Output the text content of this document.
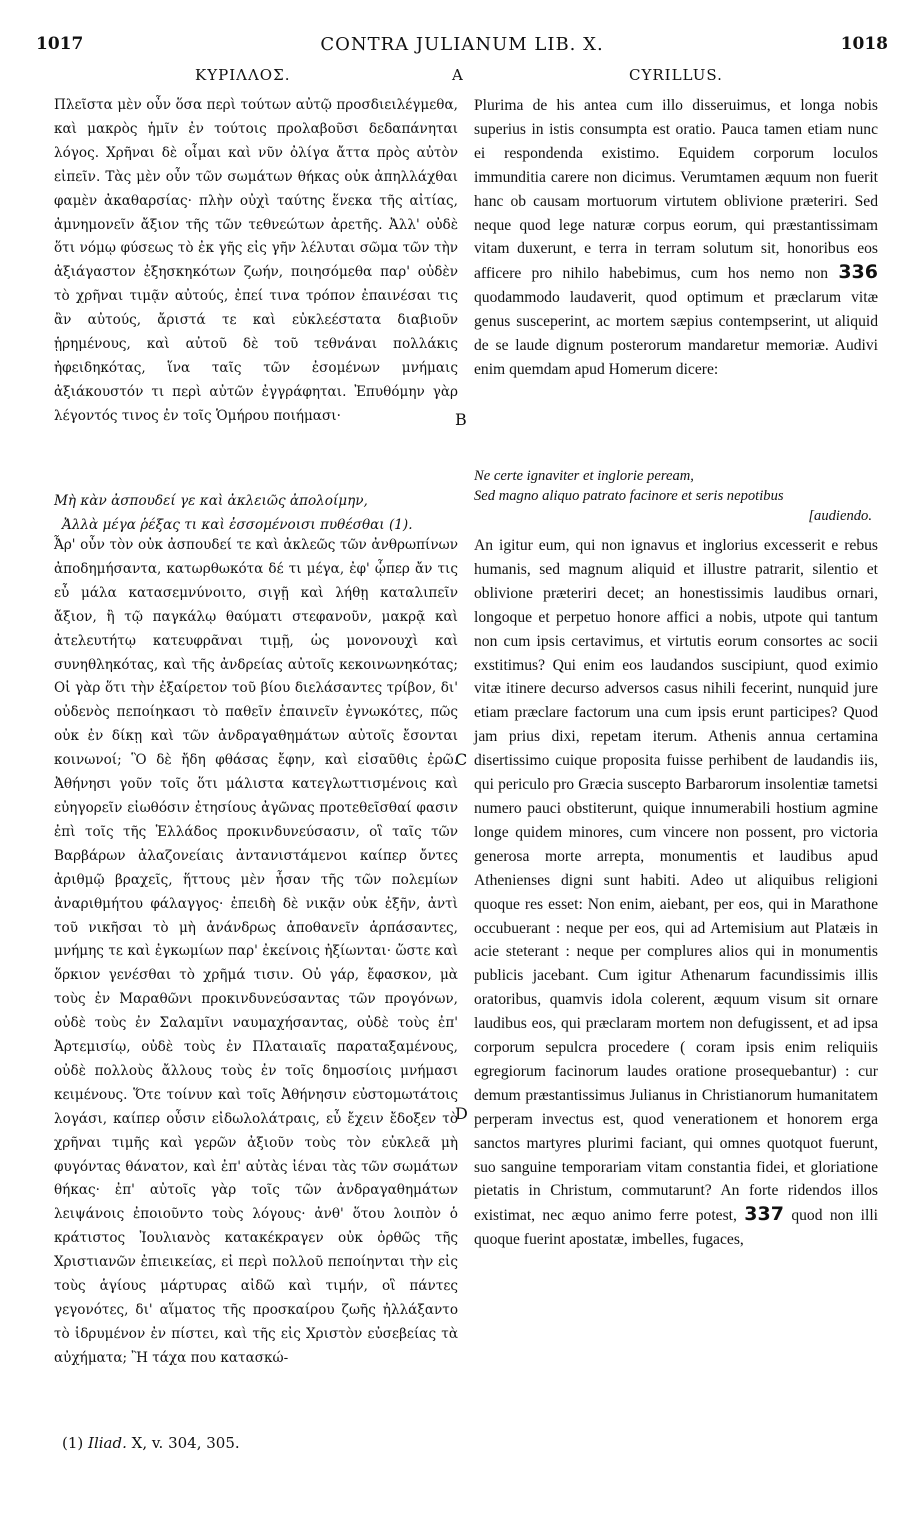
1017	CONTRA JULIANUM LIB. X.	1018
ΚΥΡΙΛΛΟΣ.	A	CYRILLUS.
Πλεῖστα μὲν οὖν ὅσα περὶ τούτων αὐτῷ προσδιειλέγμεθα, καὶ μακρὸς ἡμῖν ἐν τούτοις προλαβοῦσι δεδαπάνηται λόγος. Χρῆναι δὲ οἶμαι καὶ νῦν ὀλίγα ἄττα πρὸς αὐτὸν εἰπεῖν. Τὰς μὲν οὖν τῶν σωμάτων θήκας οὐκ ἀπηλλάχθαι φαμὲν ἀκαθαρσίας· πλὴν οὐχὶ ταύτης ἕνεκα τῆς αἰτίας, ἀμνημονεῖν ἄξιον τῆς τῶν τεθνεώτων ἀρετῆς. Ἀλλ' οὐδὲ ὅτι νόμῳ φύσεως τὸ ἐκ γῆς εἰς γῆν λέλυται σῶμα τῶν τὴν ἀξιάγαστον ἐξησκηκότων ζωήν, ποιησόμεθα παρ' οὐδὲν τὸ χρῆναι τιμᾷν αὐτούς, ἐπεί τινα τρόπον ἐπαινέσαι τις ἂν αὐτούς, ἄριστά τε καὶ εὐκλεέστατα διαβιοῦν ᾑρημένους, καὶ αὐτοῦ δὲ τοῦ τεθνάναι πολλάκις ἠφειδηκότας, ἵνα ταῖς τῶν ἐσομένων μνήμαις ἀξιάκουστόν τι περὶ αὐτῶν ἐγγράφηται. Ἐπυθόμην γὰρ λέγοντός τινος ἐν τοῖς Ὁμήρου ποιήμασι·
Μὴ κὰν ἀσπουδεί γε καὶ ἀκλειῶς ἀπολοίμην,
Ἀλλὰ μέγα ῥέξας τι καὶ ἐσσομένοισι πυθέσθαι (1).
Ἆρ' οὖν τὸν οὐκ ἀσπουδεί τε καὶ ἀκλεῶς τῶν ἀνθρωπίνων ἀποδημήσαντα, κατωρθωκότα δέ τι μέγα, ἐφ' ᾧπερ ἄν τις εὖ μάλα κατασεμνύνοιτο, σιγῇ καὶ λήθῃ καταλιπεῖν ἄξιον, ἢ τῷ παγκάλῳ θαύματι στεφανοῦν, μακρᾷ καὶ ἀτελευτήτῳ κατευφρᾶναι τιμῇ, ὡς μονονουχὶ καὶ συνηθληκότας, καὶ τῆς ἀνδρείας αὐτοῖς κεκοινωνηκότας; Οἱ γὰρ ὅτι τὴν ἐξαίρετον τοῦ βίου διελάσαντες τρίβον, δι' οὐδενὸς πεποίηκασι τὸ παθεῖν ἐπαινεῖν ἐγνωκότες, πῶς οὐκ ἐν δίκῃ καὶ τῶν ἀνδραγαθημάτων αὐτοῖς ἔσονται κοινωνοί; Ὃ δὲ ἤδη φθάσας ἔφην, καὶ εἰσαῦθις ἐρῶ. Ἀθήνησι γοῦν τοῖς ὅτι μάλιστα κατεγλωττισμένοις καὶ εὐηγορεῖν εἰωθόσιν ἐτησίους ἀγῶνας προτεθεῖσθαί φασιν ἐπὶ τοῖς τῆς Ἑλλάδος προκινδυνεύσασιν, οἳ ταῖς τῶν Βαρβάρων ἀλαζονείαις ἀντανιστάμενοι καίπερ ὄντες ἀριθμῷ βραχεῖς, ἥττους μὲν ἦσαν τῆς τῶν πολεμίων ἀναριθμήτου φάλαγγος· ἐπειδὴ δὲ νικᾷν οὐκ ἐξῆν, ἀντὶ τοῦ νικῆσαι τὸ μὴ ἀνάνδρως ἀποθανεῖν ἁρπάσαντες, μνήμης τε καὶ ἐγκωμίων παρ' ἐκείνοις ἠξίωνται· ὥστε καὶ ὅρκιον γενέσθαι τὸ χρῆμά τισιν. Οὐ γάρ, ἔφασκον, μὰ τοὺς ἐν Μαραθῶνι προκινδυνεύσαντας τῶν προγόνων, οὐδὲ τοὺς ἐν Σαλαμῖνι ναυμαχήσαντας, οὐδὲ τοὺς ἐπ' Ἀρτεμισίῳ, οὐδὲ τοὺς ἐν Πλαταιαῖς παραταξαμένους, οὐδὲ πολλοὺς ἄλλους τοὺς ἐν τοῖς δημοσίοις μνήμασι κειμένους. Ὅτε τοίνυν καὶ τοῖς Ἀθήνησιν εὐστομωτάτοις λογάσι, καίπερ οὖσιν εἰδωλολάτραις, εὖ ἔχειν ἔδοξεν τὸ χρῆναι τιμῆς καὶ γερῶν ἀξιοῦν τοὺς τὸν εὐκλεᾶ μὴ φυγόντας θάνατον, καὶ ἐπ' αὐτὰς ἰέναι τὰς τῶν σωμάτων θήκας· ἐπ' αὐτοῖς γὰρ τοῖς τῶν ἀνδραγαθημάτων λειψάνοις ἐποιοῦντο τοὺς λόγους· ἀνθ' ὅτου λοιπὸν ὁ κράτιστος Ἰουλιανὸς κατακέκραγεν οὐκ ὀρθῶς τῆς Χριστιανῶν ἐπιεικείας, εἰ περὶ πολλοῦ πεποίηνται τὴν εἰς τοὺς ἁγίους μάρτυρας αἰδῶ καὶ τιμήν, οἳ πάντες γεγονότες, δι' αἵματος τῆς προσκαίρου ζωῆς ἠλλάξαντο τὸ ἱδρυμένον ἐν πίστει, καὶ τῆς εἰς Χριστὸν εὐσεβείας τὰ αὐχήματα; Ἢ τάχα που κατασκώ-
B
C
D
Plurima de his antea cum illo disseruimus, et longa nobis superius in istis consumpta est oratio. Pauca tamen etiam nunc ei respondenda existimo. Equidem corporum loculos immunditia carere non dicimus. Verumtamen æquum non fuerit hanc ob causam mortuorum virtutem oblivione præteriri. Sed neque quod lege naturæ corpus eorum, qui præstantissimam vitam duxerunt, e terra in terram solutum sit, honoribus eos afficere pro nihilo habebimus, cum hos nemo non 336 quodammodo laudaverit, quod optimum et præclarum vitæ genus susceperint, ac mortem sæpius contempserint, ut aliquid de se laude dignum posterorum mandaretur memoriæ. Audivi enim quemdam apud Homerum dicere:
Ne certe ignaviter et inglorie peream,
Sed magno aliquo patrato facinore et seris nepotibus
[audiendo.
An igitur eum, qui non ignavus et inglorius excesserit e rebus humanis, sed magnum aliquid et illustre patrarit, silentio et oblivione præteriri decet; an honestissimis laudibus ornari, longoque et perpetuo honore affici a nobis, utpote qui tantum non cum ipsis certavimus, et virtutis eorum consortes ac socii exstitimus? Qui enim eos laudandos suscipiunt, quod eximio vitæ itinere decurso adversos casus nihili fecerint, nunquid jure etiam præclare factorum una cum ipsis erunt participes? Quod jam prius dixi, repetam iterum. Athenis annua certamina disertissimo cuique proposita fuisse perhibent de laudandis iis, qui periculo pro Græcia suscepto Barbarorum insolentiæ tametsi numero pauci obstiterunt, quique innumerabili hostium agmine longe quidem minores, cum vincere non possent, pro victoria generosa morte arrepta, monumentis et laudibus apud Athenienses digni sunt habiti. Adeo ut aliquibus religioni quoque res esset: Non enim, aiebant, per eos, qui in Marathone occubuerant : neque per eos, qui ad Artemisium aut Platæis in acie steterant : neque per complures alios qui in monumentis publicis jacebant. Cum igitur Athenarum facundissimis illis oratoribus, quamvis idola colerent, æquum visum sit ornare laudibus eos, qui præclaram mortem non defugissent, et ad ipsa corporum sepulcra procedere ( coram ipsis enim reliquiis egregiorum facinorum laudes oratione prosequebantur) : cur demum præstantissimus Julianus in Christianorum humanitatem perperam invectus est, quod venerationem et honorem erga sanctos martyres plurimi faciant, qui omnes quotquot fuerunt, suo sanguine temporariam vitam constantia fidei, et gloriatione pietatis in Christum, commutarunt? An forte ridendos illos existimat, nec æquo animo ferre potest, 337 quod non illi quoque fuerint apostatæ, imbelles, fugaces,
(1) Iliad. X, v. 304, 305.
